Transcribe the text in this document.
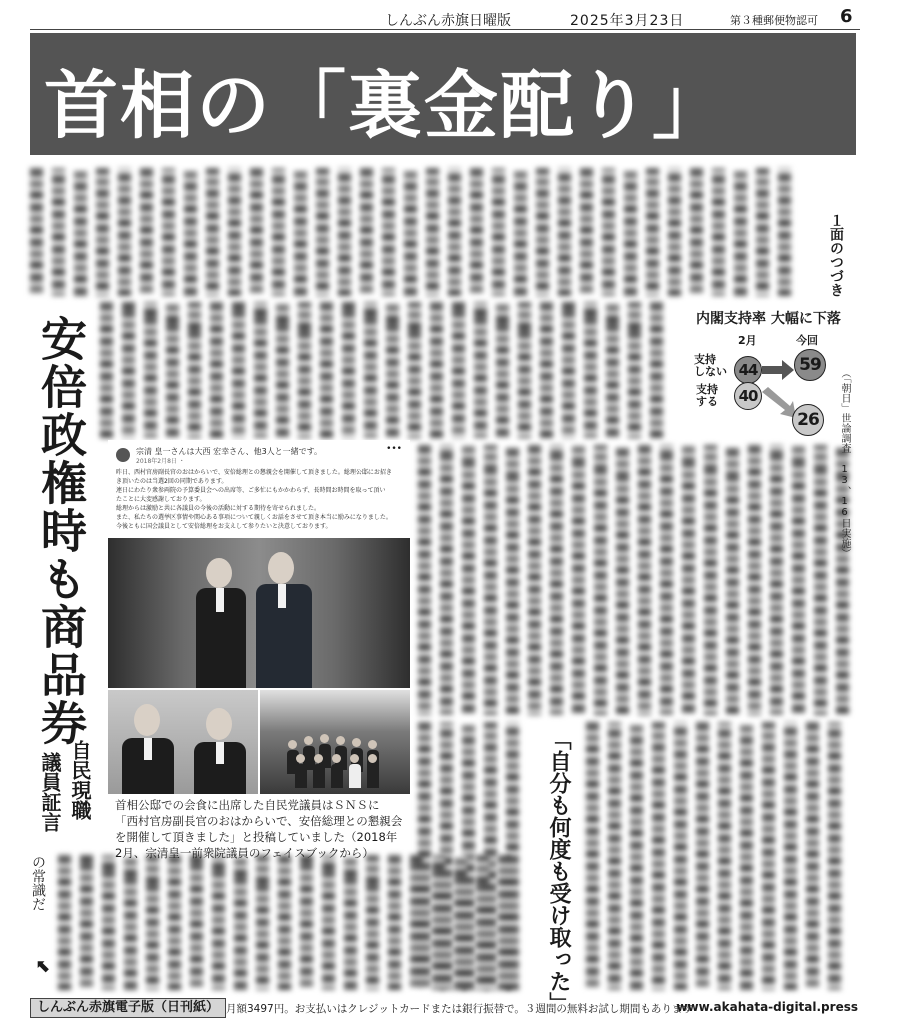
しんぶん赤旗日曜版	2025年3月23日	第３種郵便物認可 6
首相の「裏金配り」
安倍政権時も商品券
自民現職
議員証言
の常識だ
１面のつづき
「自分も何度も受け取った」
内閣支持率 大幅に下落
2月	今回
支持
しない
支持
する
44
40
59
26	（「朝日」世論調査 13、16日実施）
宗清 皇一さんは大西 宏幸さん、他3人と一緒です。	•••
2018年2月8日 ・
昨日、西村官房副長官のおはからいで、安倍総理との懇親会を開催して頂きました。総理公邸にお招き
き頂いたのは当選2回の同期であります。
連日にわたり衆参両院の予算委員会への出席等、ご多忙にもかかわらず、長時間お時間を取って頂い
たことに大変感謝しております。
総理からは激励と共に各議員の今後の活動に対する期待を寄せられました。
また、私たちの選挙区事情や関心ある事項について親しくお話をさせて頂き本当に励みになりました。
今後ともに国会議員として安倍総理をお支えして参りたいと決意しております。
首相公邸での会食に出席した自民党議員はＳＮＳに
「西村官房副長官のおはからいで、安倍総理との懇親会
を開催して頂きました」と投稿していました（2018年
2月、宗清皇一前衆院議員のフェイスブックから）
⬉
しんぶん赤旗電子版（日刊紙） 月額3497円。お支払いはクレジットカードまたは銀行振替で。３週間の無料お試し期間もあります
www.akahata-digital.press
